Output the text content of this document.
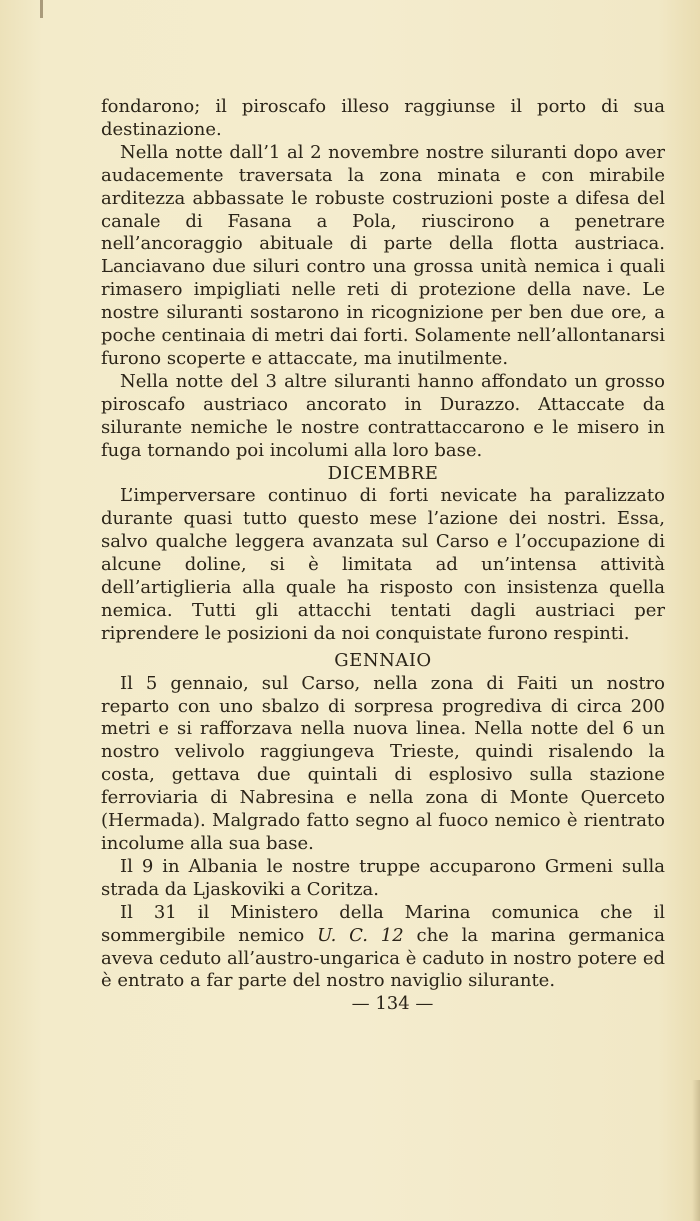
fondarono; il piroscafo illeso raggiunse il porto di sua destinazione.

Nella notte dall’1 al 2 novembre nostre siluranti dopo aver audacemente traversata la zona minata e con mirabile arditezza abbassate le robuste costruzioni poste a difesa del canale di Fasana a Pola, riuscirono a penetrare nell’ancoraggio abituale di parte della flotta austriaca. Lanciavano due siluri contro una grossa unità nemica i quali rimasero impigliati nelle reti di protezione della nave. Le nostre siluranti sostarono in ricognizione per ben due ore, a poche centinaia di metri dai forti. Solamente nell’allontanarsi furono scoperte e attaccate, ma inutilmente.

Nella notte del 3 altre siluranti hanno affondato un grosso piroscafo austriaco ancorato in Durazzo. Attaccate da silurante nemiche le nostre contrattaccarono e le misero in fuga tornando poi incolumi alla loro base.

DICEMBRE

L’imperversare continuo di forti nevicate ha paralizzato durante quasi tutto questo mese l’azione dei nostri. Essa, salvo qualche leggera avanzata sul Carso e l’occupazione di alcune doline, si è limitata ad un’intensa attività dell’artiglieria alla quale ha risposto con insistenza quella nemica. Tutti gli attacchi tentati dagli austriaci per riprendere le posizioni da noi conquistate furono respinti.

GENNAIO

Il 5 gennaio, sul Carso, nella zona di Faiti un nostro reparto con uno sbalzo di sorpresa progrediva di circa 200 metri e si rafforzava nella nuova linea. Nella notte del 6 un nostro velivolo raggiungeva Trieste, quindi risalendo la costa, gettava due quintali di esplosivo sulla stazione ferroviaria di Nabresina e nella zona di Monte Querceto (Hermada). Malgrado fatto segno al fuoco nemico è rientrato incolume alla sua base.

Il 9 in Albania le nostre truppe accuparono Grmeni sulla strada da Ljaskoviki a Coritza.

Il 31 il Ministero della Marina comunica che il sommergibile nemico U. C. 12 che la marina germanica aveva ceduto all’austro-ungarica è caduto in nostro potere ed è entrato a far parte del nostro naviglio silurante.

— 134 —
